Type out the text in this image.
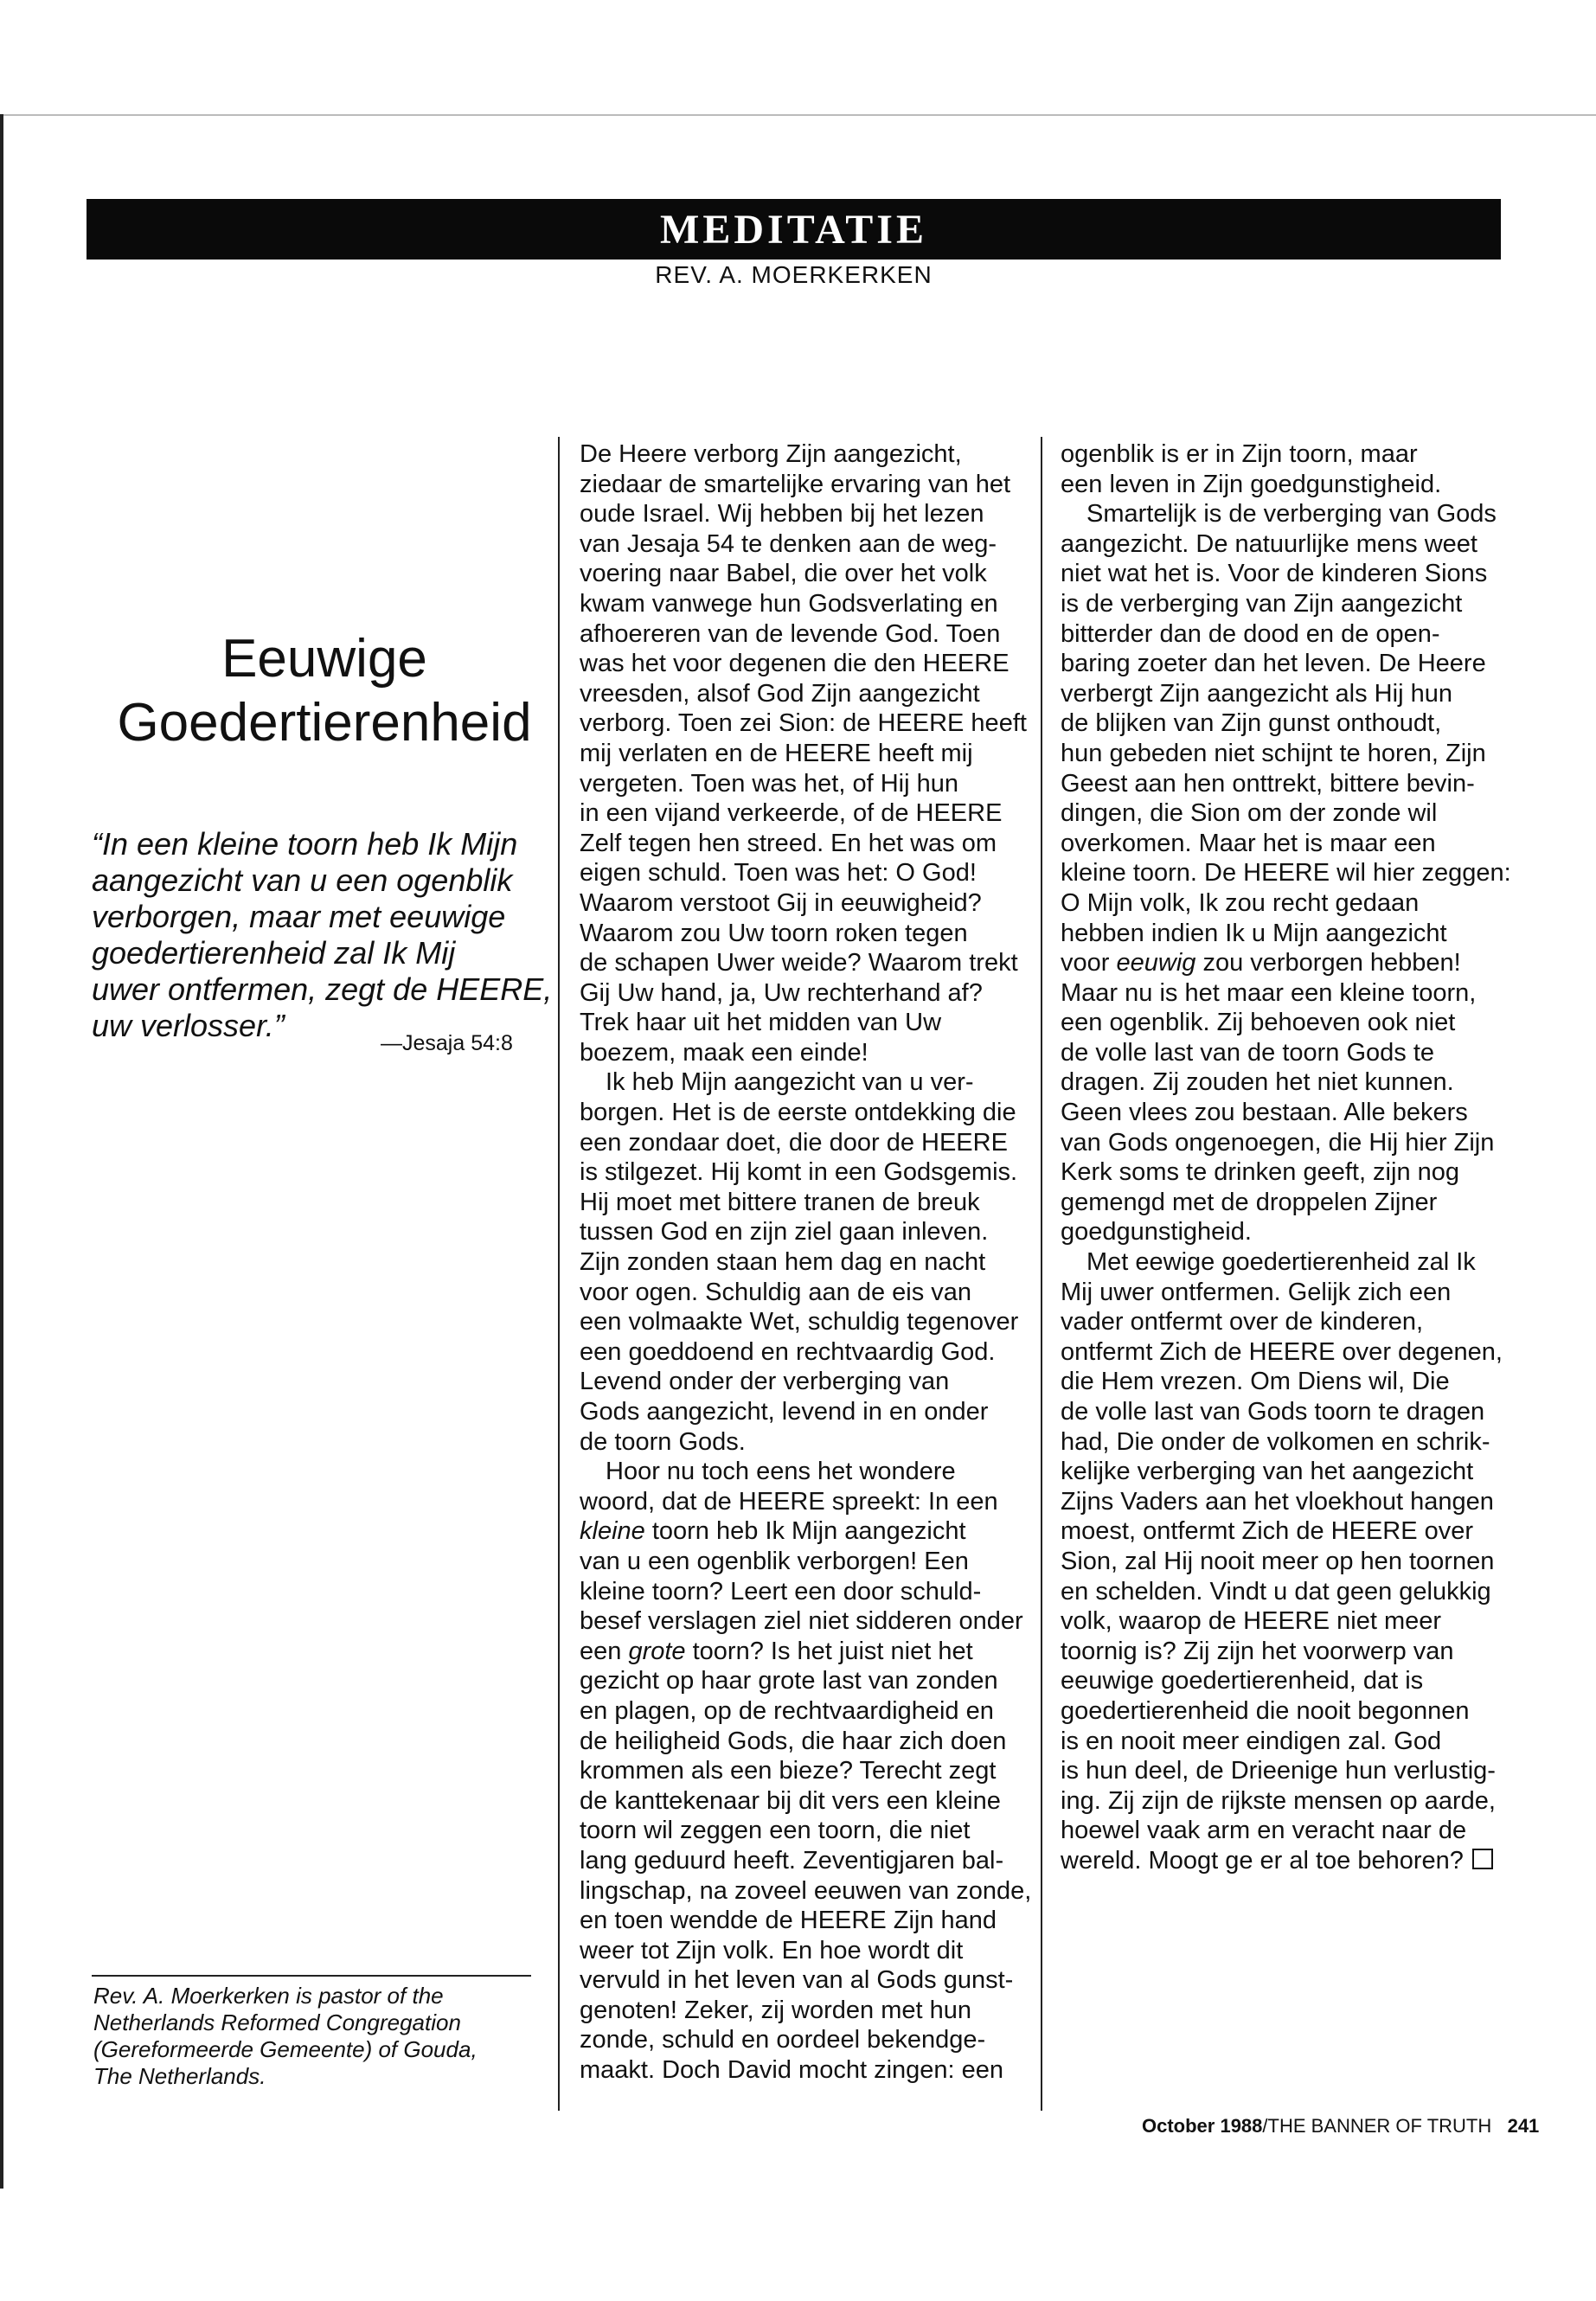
MEDITATIE
REV. A. MOERKERKEN
Eeuwige
Goedertierenheid
“In een kleine toorn heb Ik Mijn
aangezicht van u een ogenblik
verborgen, maar met eeuwige
goedertierenheid zal Ik Mij
uwer ontfermen, zegt de HEERE,
uw verlosser.”	—Jesaja 54:8
Rev. A. Moerkerken is pastor of the
Netherlands Reformed Congregation
(Gereformeerde Gemeente) of Gouda,
The Netherlands.
De Heere verborg Zijn aangezicht,
ziedaar de smartelijke ervaring van het
oude Israel. Wij hebben bij het lezen
van Jesaja 54 te denken aan de weg-
voering naar Babel, die over het volk
kwam vanwege hun Godsverlating en
afhoereren van de levende God. Toen
was het voor degenen die den HEERE
vreesden, alsof God Zijn aangezicht
verborg. Toen zei Sion: de HEERE heeft
mij verlaten en de HEERE heeft mij
vergeten. Toen was het, of Hij hun
in een vijand verkeerde, of de HEERE
Zelf tegen hen streed. En het was om
eigen schuld. Toen was het: O God!
Waarom verstoot Gij in eeuwigheid?
Waarom zou Uw toorn roken tegen
de schapen Uwer weide? Waarom trekt
Gij Uw hand, ja, Uw rechterhand af?
Trek haar uit het midden van Uw
boezem, maak een einde!
Ik heb Mijn aangezicht van u ver-
borgen. Het is de eerste ontdekking die
een zondaar doet, die door de HEERE
is stilgezet. Hij komt in een Godsgemis.
Hij moet met bittere tranen de breuk
tussen God en zijn ziel gaan inleven.
Zijn zonden staan hem dag en nacht
voor ogen. Schuldig aan de eis van
een volmaakte Wet, schuldig tegenover
een goeddoend en rechtvaardig God.
Levend onder der verberging van
Gods aangezicht, levend in en onder
de toorn Gods.
Hoor nu toch eens het wondere
woord, dat de HEERE spreekt: In een
kleine toorn heb Ik Mijn aangezicht
van u een ogenblik verborgen! Een
kleine toorn? Leert een door schuld-
besef verslagen ziel niet sidderen onder
een grote toorn? Is het juist niet het
gezicht op haar grote last van zonden
en plagen, op de rechtvaardigheid en
de heiligheid Gods, die haar zich doen
krommen als een bieze? Terecht zegt
de kanttekenaar bij dit vers een kleine
toorn wil zeggen een toorn, die niet
lang geduurd heeft. Zeventigjaren bal-
lingschap, na zoveel eeuwen van zonde,
en toen wendde de HEERE Zijn hand
weer tot Zijn volk. En hoe wordt dit
vervuld in het leven van al Gods gunst-
genoten! Zeker, zij worden met hun
zonde, schuld en oordeel bekendge-
maakt. Doch David mocht zingen: een
ogenblik is er in Zijn toorn, maar
een leven in Zijn goedgunstigheid.
Smartelijk is de verberging van Gods
aangezicht. De natuurlijke mens weet
niet wat het is. Voor de kinderen Sions
is de verberging van Zijn aangezicht
bitterder dan de dood en de open-
baring zoeter dan het leven. De Heere
verbergt Zijn aangezicht als Hij hun
de blijken van Zijn gunst onthoudt,
hun gebeden niet schijnt te horen, Zijn
Geest aan hen onttrekt, bittere bevin-
dingen, die Sion om der zonde wil
overkomen. Maar het is maar een
kleine toorn. De HEERE wil hier zeggen:
O Mijn volk, Ik zou recht gedaan
hebben indien Ik u Mijn aangezicht
voor eeuwig zou verborgen hebben!
Maar nu is het maar een kleine toorn,
een ogenblik. Zij behoeven ook niet
de volle last van de toorn Gods te
dragen. Zij zouden het niet kunnen.
Geen vlees zou bestaan. Alle bekers
van Gods ongenoegen, die Hij hier Zijn
Kerk soms te drinken geeft, zijn nog
gemengd met de droppelen Zijner
goedgunstigheid.
Met eewige goedertierenheid zal Ik
Mij uwer ontfermen. Gelijk zich een
vader ontfermt over de kinderen,
ontfermt Zich de HEERE over degenen,
die Hem vrezen. Om Diens wil, Die
de volle last van Gods toorn te dragen
had, Die onder de volkomen en schrik-
kelijke verberging van het aangezicht
Zijns Vaders aan het vloekhout hangen
moest, ontfermt Zich de HEERE over
Sion, zal Hij nooit meer op hen toornen
en schelden. Vindt u dat geen gelukkig
volk, waarop de HEERE niet meer
toornig is? Zij zijn het voorwerp van
eeuwige goedertierenheid, dat is
goedertierenheid die nooit begonnen
is en nooit meer eindigen zal. God
is hun deel, de Drieenige hun verlustig-
ing. Zij zijn de rijkste mensen op aarde,
hoewel vaak arm en veracht naar de
wereld. Moogt ge er al toe behoren?
October 1988/THE BANNER OF TRUTH 241
